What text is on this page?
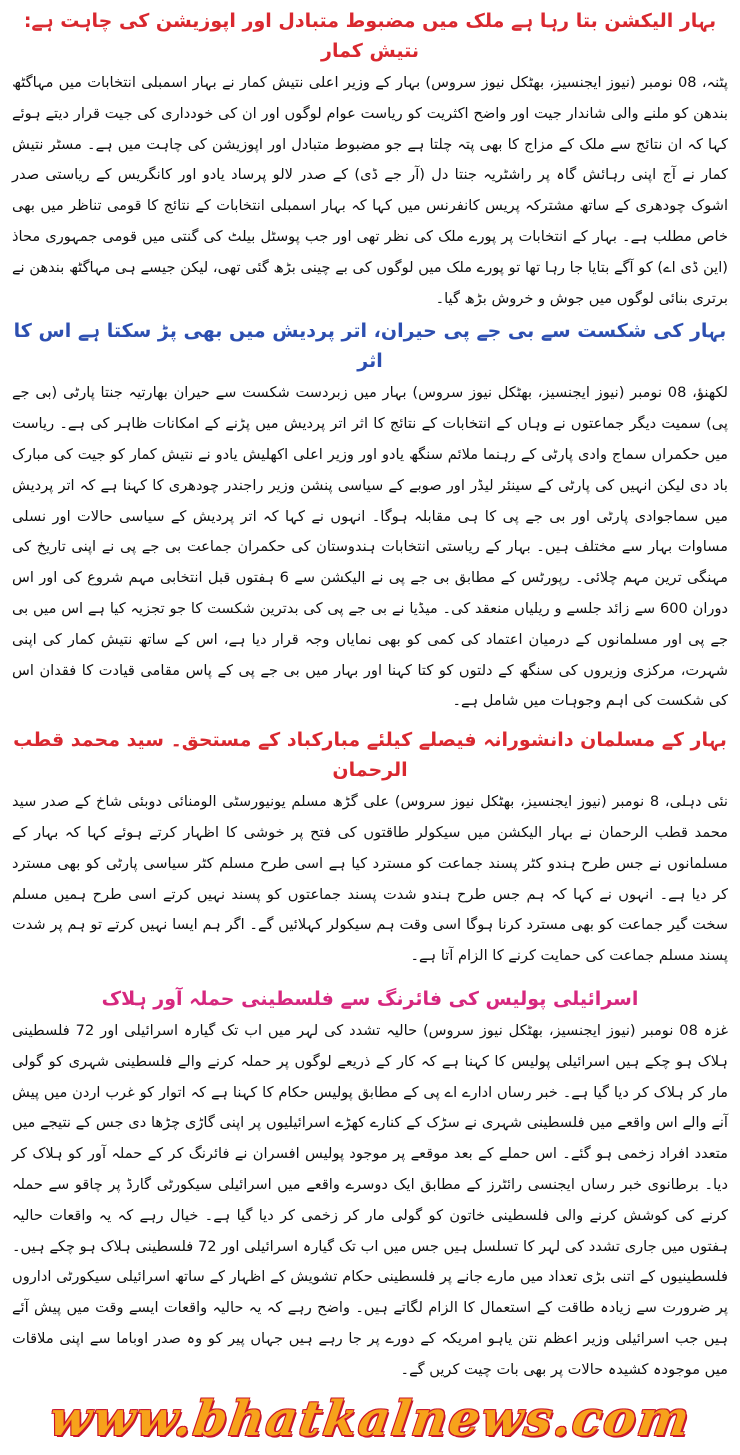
بہار الیکشن بتا رہا ہے ملک میں مضبوط متبادل اور اپوزیشن کی چاہت ہے: نتیش کمار

پٹنہ، 08 نومبر (نیوز ایجنسیز، بھٹکل نیوز سروس) بہار کے وزیر اعلی نتیش کمار نے بہار اسمبلی انتخابات میں مہاگٹھ بندھن کو ملنے والی شاندار جیت اور واضح اکثریت کو ریاست عوام لوگوں اور ان کی خودداری کی جیت قرار دیتے ہوئے کہا کہ ان نتائج سے ملک کے مزاج کا بھی پتہ چلتا ہے جو مضبوط متبادل اور اپوزیشن کی چاہت میں ہے۔ مسٹر نتیش کمار نے آج اپنی رہائش گاہ پر راشٹریہ جنتا دل (آر جے ڈی) کے صدر لالو پرساد یادو اور کانگریس کے ریاستی صدر اشوک چودھری کے ساتھ مشترکہ پریس کانفرنس میں کہا کہ بہار اسمبلی انتخابات کے نتائج کا قومی تناظر میں بھی خاص مطلب ہے۔ بہار کے انتخابات پر پورے ملک کی نظر تھی اور جب پوسٹل بیلٹ کی گنتی میں قومی جمہوری محاذ (این ڈی اے) کو آگے بتایا جا رہا تھا تو پورے ملک میں لوگوں کی بے چینی بڑھ گئی تھی، لیکن جیسے ہی مہاگٹھ بندھن نے برتری بنائی لوگوں میں جوش و خروش بڑھ گیا۔

بہار کی شکست سے بی جے پی حیران، اتر پردیش میں بھی پڑ سکتا ہے اس کا اثر

لکھنؤ، 08 نومبر (نیوز ایجنسیز، بھٹکل نیوز سروس) بہار میں زبردست شکست سے حیران بھارتیہ جنتا پارٹی (بی جے پی) سمیت دیگر جماعتوں نے وہاں کے انتخابات کے نتائج کا اثر اتر پردیش میں پڑنے کے امکانات ظاہر کی ہے۔ ریاست میں حکمراں سماج وادی پارٹی کے رہنما ملائم سنگھ یادو اور وزیر اعلی اکھلیش یادو نے نتیش کمار کو جیت کی مبارک باد دی لیکن انہیں کی پارٹی کے سینئر لیڈر اور صوبے کے سیاسی پنشن وزیر راجندر چودھری کا کہنا ہے کہ اتر پردیش میں سماجوادی پارٹی اور بی جے پی کا ہی مقابلہ ہوگا۔ انہوں نے کہا کہ اتر پردیش کے سیاسی حالات اور نسلی مساوات بہار سے مختلف ہیں۔ بہار کے ریاستی انتخابات ہندوستان کی حکمران جماعت بی جے پی نے اپنی تاریخ کی مہنگی ترین مہم چلائی۔ رپورٹس کے مطابق بی جے پی نے الیکشن سے 6 ہفتوں قبل انتخابی مہم شروع کی اور اس دوران 600 سے زائد جلسے و ریلیاں منعقد کی۔ میڈیا نے بی جے پی کی بدترین شکست کا جو تجزیہ کیا ہے اس میں بی جے پی اور مسلمانوں کے درمیان اعتماد کی کمی کو بھی نمایاں وجہ قرار دیا ہے، اس کے ساتھ نتیش کمار کی اپنی شہرت، مرکزی وزیروں کی سنگھ کے دلتوں کو کتا کہنا اور بہار میں بی جے پی کے پاس مقامی قیادت کا فقدان اس کی شکست کی اہم وجوہات میں شامل ہے۔

بہار کے مسلمان دانشورانہ فیصلے کیلئے مبارکباد کے مستحق۔ سید محمد قطب الرحمان

نئی دہلی، 8 نومبر (نیوز ایجنسیز، بھٹکل نیوز سروس) علی گڑھ مسلم یونیورسٹی الومنائی دوبئی شاخ کے صدر سید محمد قطب الرحمان نے بہار الیکشن میں سیکولر طاقتوں کی فتح پر خوشی کا اظہار کرتے ہوئے کہا کہ بہار کے مسلمانوں نے جس طرح ہندو کٹر پسند جماعت کو مسترد کیا ہے اسی طرح مسلم کٹر سیاسی پارٹی کو بھی مسترد کر دیا ہے۔ انہوں نے کہا کہ ہم جس طرح ہندو شدت پسند جماعتوں کو پسند نہیں کرتے اسی طرح ہمیں مسلم سخت گیر جماعت کو بھی مسترد کرنا ہوگا اسی وقت ہم سیکولر کہلائیں گے۔ اگر ہم ایسا نہیں کرتے تو ہم پر شدت پسند مسلم جماعت کی حمایت کرنے کا الزام آتا ہے۔

اسرائیلی پولیس کی فائرنگ سے فلسطینی حملہ آور ہلاک

غزہ 08 نومبر (نیوز ایجنسیز، بھٹکل نیوز سروس) حالیہ تشدد کی لہر میں اب تک گیارہ اسرائیلی اور 72 فلسطینی ہلاک ہو چکے ہیں اسرائیلی پولیس کا کہنا ہے کہ کار کے ذریعے لوگوں پر حملہ کرنے والے فلسطینی شہری کو گولی مار کر ہلاک کر دیا گیا ہے۔ خبر رساں ادارے اے پی کے مطابق پولیس حکام کا کہنا ہے کہ اتوار کو غرب اردن میں پیش آنے والے اس واقعے میں فلسطینی شہری نے سڑک کے کنارے کھڑے اسرائیلیوں پر اپنی گاڑی چڑھا دی جس کے نتیجے میں متعدد افراد زخمی ہو گئے۔ اس حملے کے بعد موقعے پر موجود پولیس افسران نے فائرنگ کر کے حملہ آور کو ہلاک کر دیا۔ برطانوی خبر رساں ایجنسی رائٹرز کے مطابق ایک دوسرے واقعے میں اسرائیلی سیکورٹی گارڈ پر چاقو سے حملہ کرنے کی کوشش کرنے والی فلسطینی خاتون کو گولی مار کر زخمی کر دیا گیا ہے۔ خیال رہے کہ یہ واقعات حالیہ ہفتوں میں جاری تشدد کی لہر کا تسلسل ہیں جس میں اب تک گیارہ اسرائیلی اور 72 فلسطینی ہلاک ہو چکے ہیں۔ فلسطینیوں کے اتنی بڑی تعداد میں مارے جانے پر فلسطینی حکام تشویش کے اظہار کے ساتھ اسرائیلی سیکورٹی اداروں پر ضرورت سے زیادہ طاقت کے استعمال کا الزام لگاتے ہیں۔ واضح رہے کہ یہ حالیہ واقعات ایسے وقت میں پیش آئے ہیں جب اسرائیلی وزیر اعظم نتن یاہو امریکہ کے دورے پر جا رہے ہیں جہاں پیر کو وہ صدر اوباما سے اپنی ملاقات میں موجودہ کشیدہ حالات پر بھی بات چیت کریں گے۔

www.bhatkalnews.com
